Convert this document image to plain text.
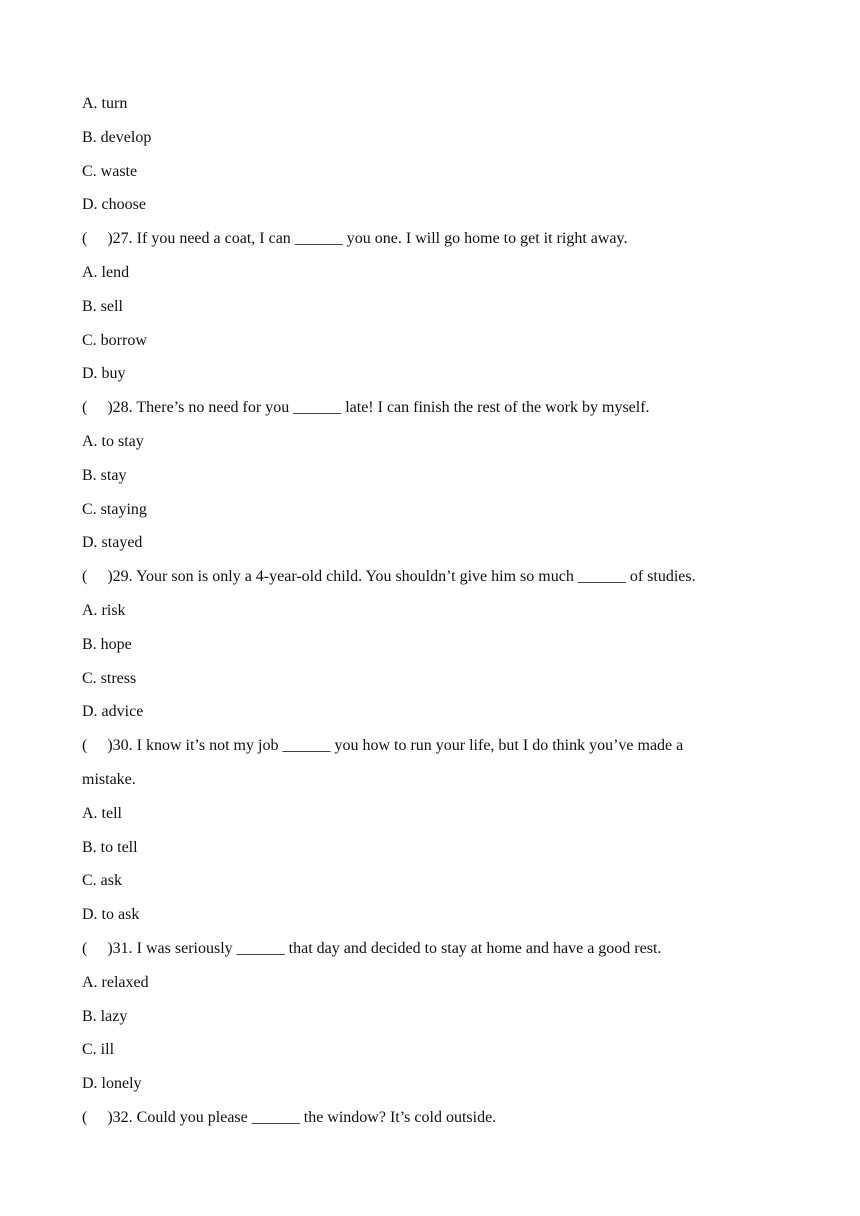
A. turn
B. develop
C. waste
D. choose
(     )27. If you need a coat, I can ______ you one. I will go home to get it right away.
A. lend
B. sell
C. borrow
D. buy
(     )28. There’s no need for you ______ late! I can finish the rest of the work by myself.
A. to stay
B. stay
C. staying
D. stayed
(     )29. Your son is only a 4-year-old child. You shouldn’t give him so much ______ of studies.
A. risk
B. hope
C. stress
D. advice
(     )30. I know it’s not my job ______ you how to run your life, but I do think you’ve made a
mistake.
A. tell
B. to tell
C. ask
D. to ask
(     )31. I was seriously ______ that day and decided to stay at home and have a good rest.
A. relaxed
B. lazy
C. ill
D. lonely
(     )32. Could you please ______ the window? It’s cold outside.
